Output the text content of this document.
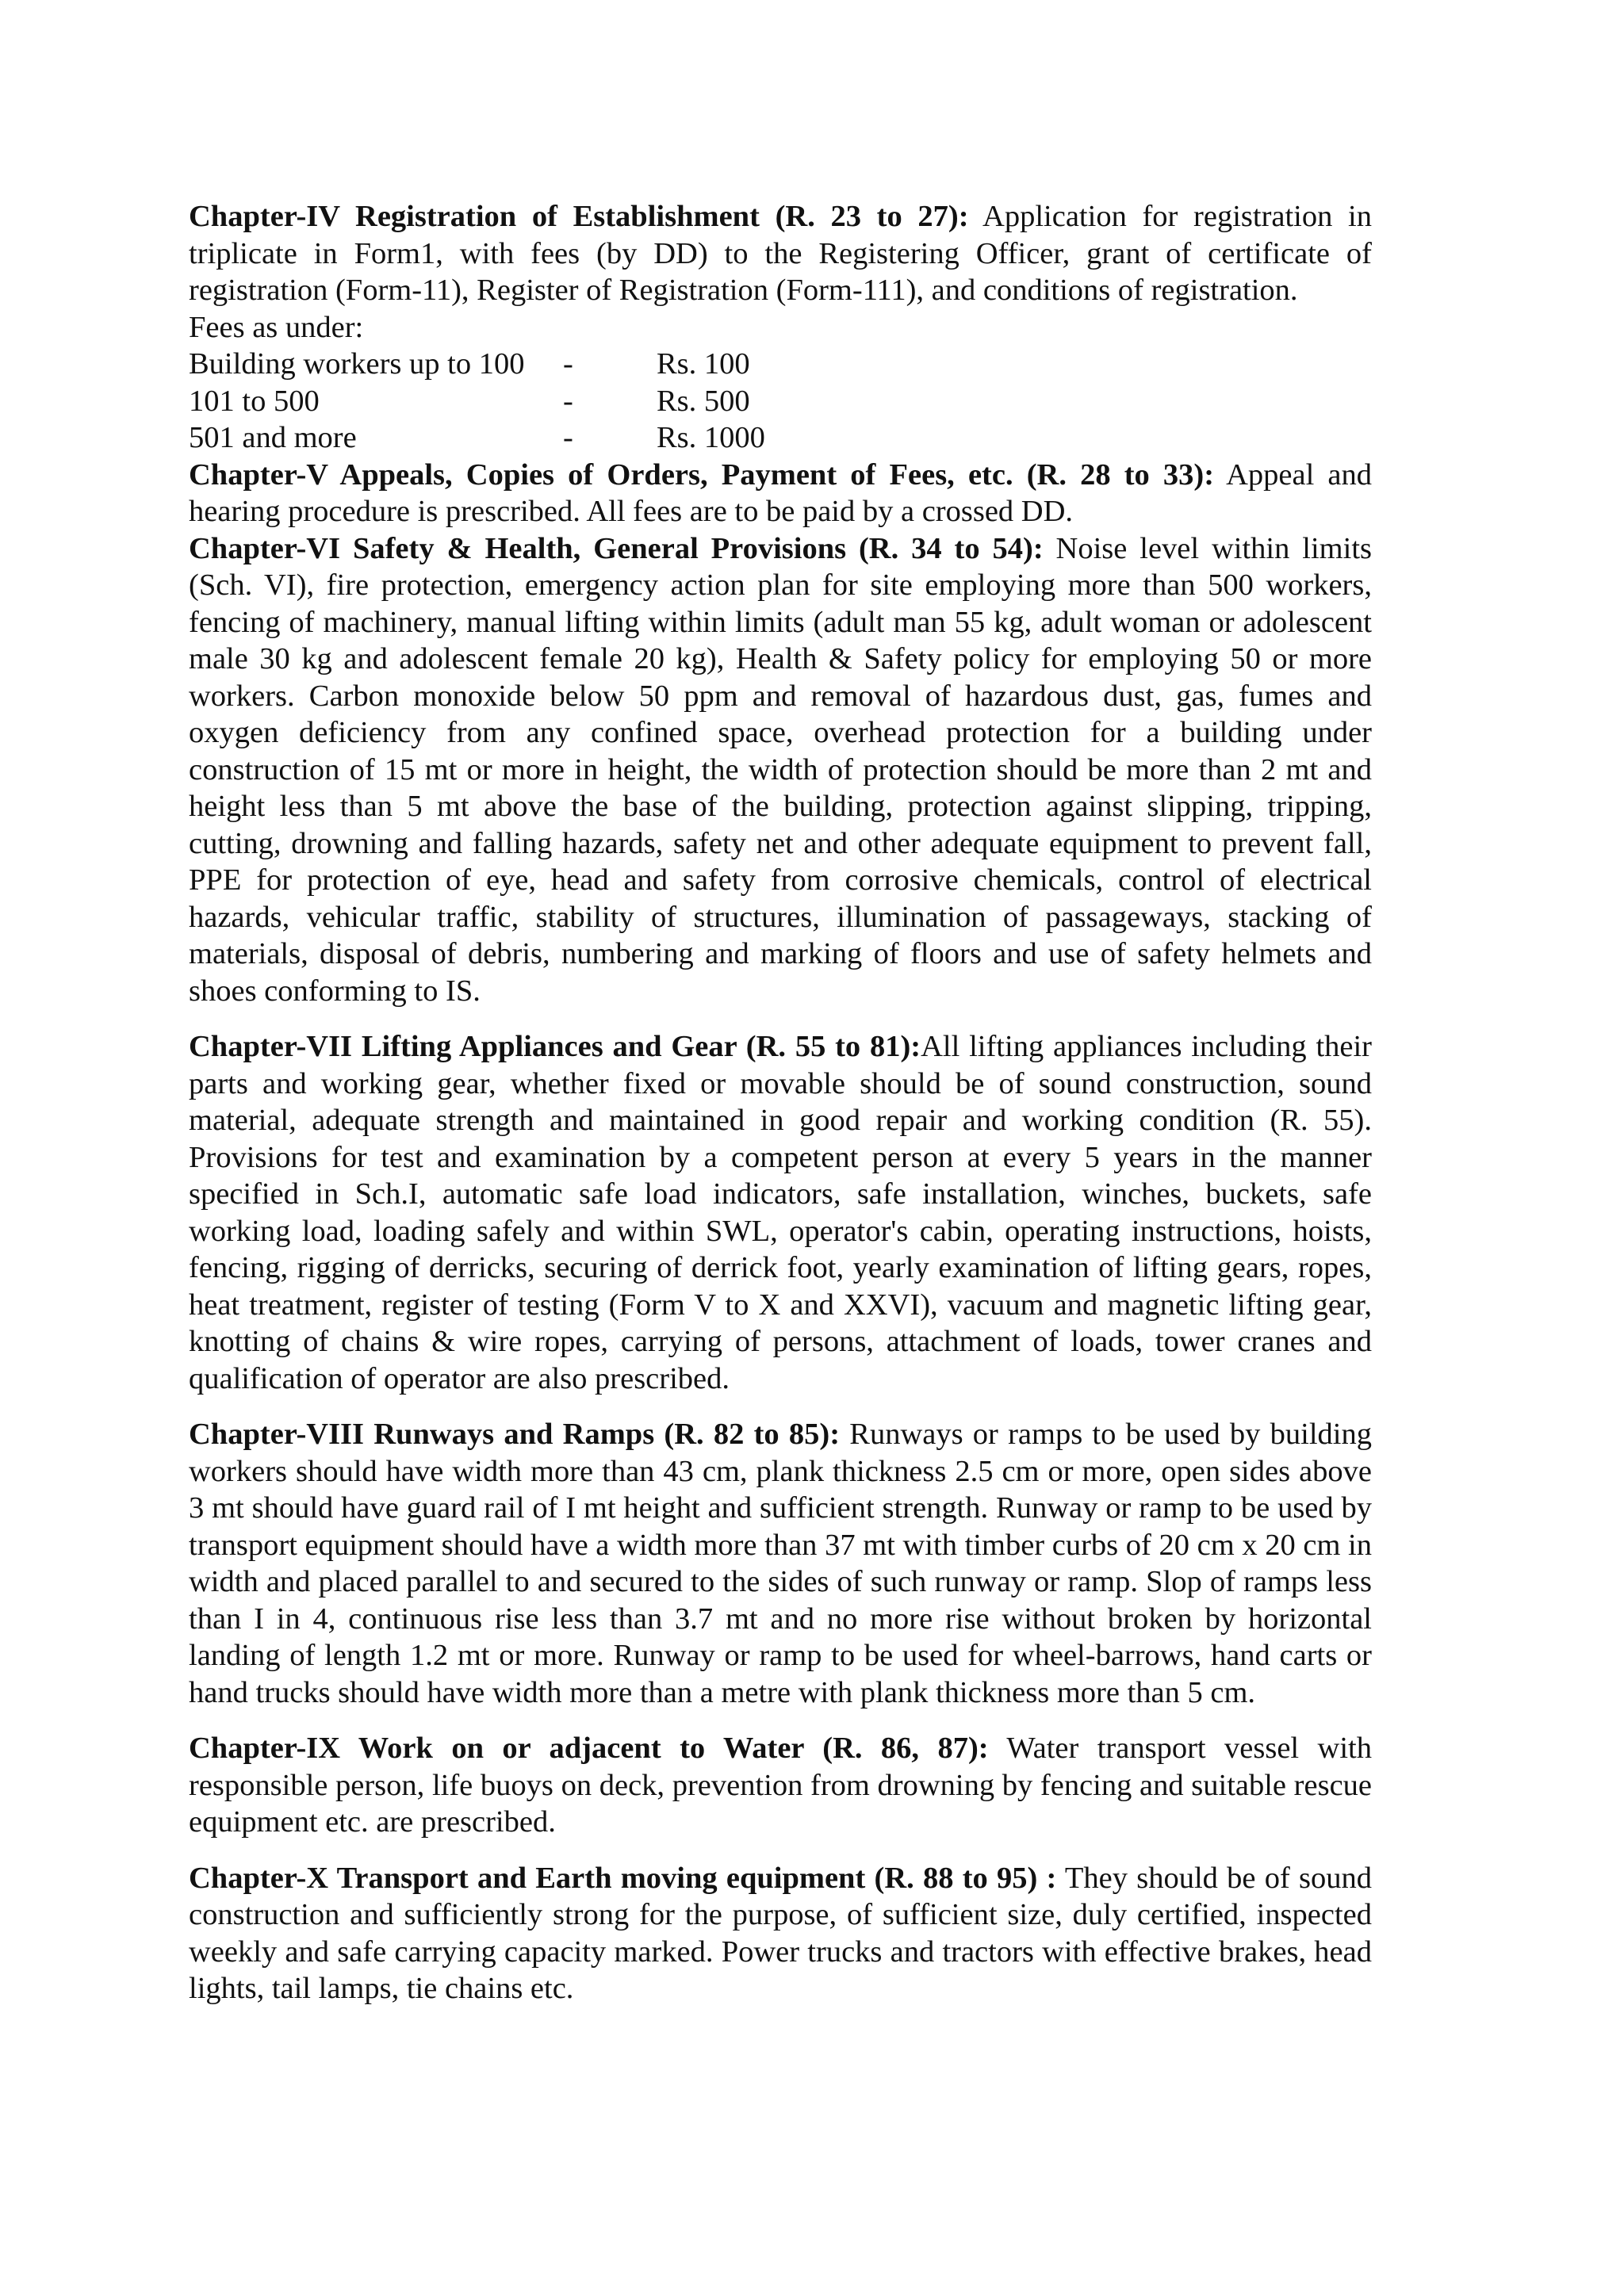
Chapter-IV Registration of Establishment (R. 23 to 27): Application for registration in triplicate in Form1, with fees (by DD) to the Registering Officer, grant of certificate of registration (Form-11), Register of Registration (Form-111), and conditions of registration.

Fees as under:
Building workers up to 100	-	Rs. 100
101 to 500	-	Rs. 500
501 and more	-	Rs. 1000

Chapter-V Appeals, Copies of Orders, Payment of Fees, etc. (R. 28 to 33): Appeal and hearing procedure is prescribed. All fees are to be paid by a crossed DD.

Chapter-VI Safety & Health, General Provisions (R. 34 to 54): Noise level within limits (Sch. VI), fire protection, emergency action plan for site employing more than 500 workers, fencing of machinery, manual lifting within limits (adult man 55 kg, adult woman or adolescent male 30 kg and adolescent female 20 kg), Health & Safety policy for employing 50 or more workers. Carbon monoxide below 50 ppm and removal of hazardous dust, gas, fumes and oxygen deficiency from any confined space, overhead protection for a building under construction of 15 mt or more in height, the width of protection should be more than 2 mt and height less than 5 mt above the base of the building, protection against slipping, tripping, cutting, drowning and falling hazards, safety net and other adequate equipment to prevent fall, PPE for protection of eye, head and safety from corrosive chemicals, control of electrical hazards, vehicular traffic, stability of structures, illumination of passageways, stacking of materials, disposal of debris, numbering and marking of floors and use of safety helmets and shoes conforming to IS.

Chapter-VII Lifting Appliances and Gear (R. 55 to 81):All lifting appliances including their parts and working gear, whether fixed or movable should be of sound construction, sound material, adequate strength and maintained in good repair and working condition (R. 55). Provisions for test and examination by a competent person at every 5 years in the manner specified in Sch.I, automatic safe load indicators, safe installation, winches, buckets, safe working load, loading safely and within SWL, operator's cabin, operating instructions, hoists, fencing, rigging of derricks, securing of derrick foot, yearly examination of lifting gears, ropes, heat treatment, register of testing (Form V to X and XXVI), vacuum and magnetic lifting gear, knotting of chains & wire ropes, carrying of persons, attachment of loads, tower cranes and qualification of operator are also prescribed.

Chapter-VIII Runways and Ramps (R. 82 to 85): Runways or ramps to be used by building workers should have width more than 43 cm, plank thickness 2.5 cm or more, open sides above 3 mt should have guard rail of I mt height and sufficient strength. Runway or ramp to be used by transport equipment should have a width more than 37 mt with timber curbs of 20 cm x 20 cm in width and placed parallel to and secured to the sides of such runway or ramp. Slop of ramps less than I in 4, continuous rise less than 3.7 mt and no more rise without broken by horizontal landing of length 1.2 mt or more. Runway or ramp to be used for wheel-barrows, hand carts or hand trucks should have width more than a metre with plank thickness more than 5 cm.

Chapter-IX Work on or adjacent to Water (R. 86, 87): Water transport vessel with responsible person, life buoys on deck, prevention from drowning by fencing and suitable rescue equipment etc. are prescribed.

Chapter-X Transport and Earth moving equipment (R. 88 to 95) : They should be of sound construction and sufficiently strong for the purpose, of sufficient size, duly certified, inspected weekly and safe carrying capacity marked. Power trucks and tractors with effective brakes, head lights, tail lamps, tie chains etc.
